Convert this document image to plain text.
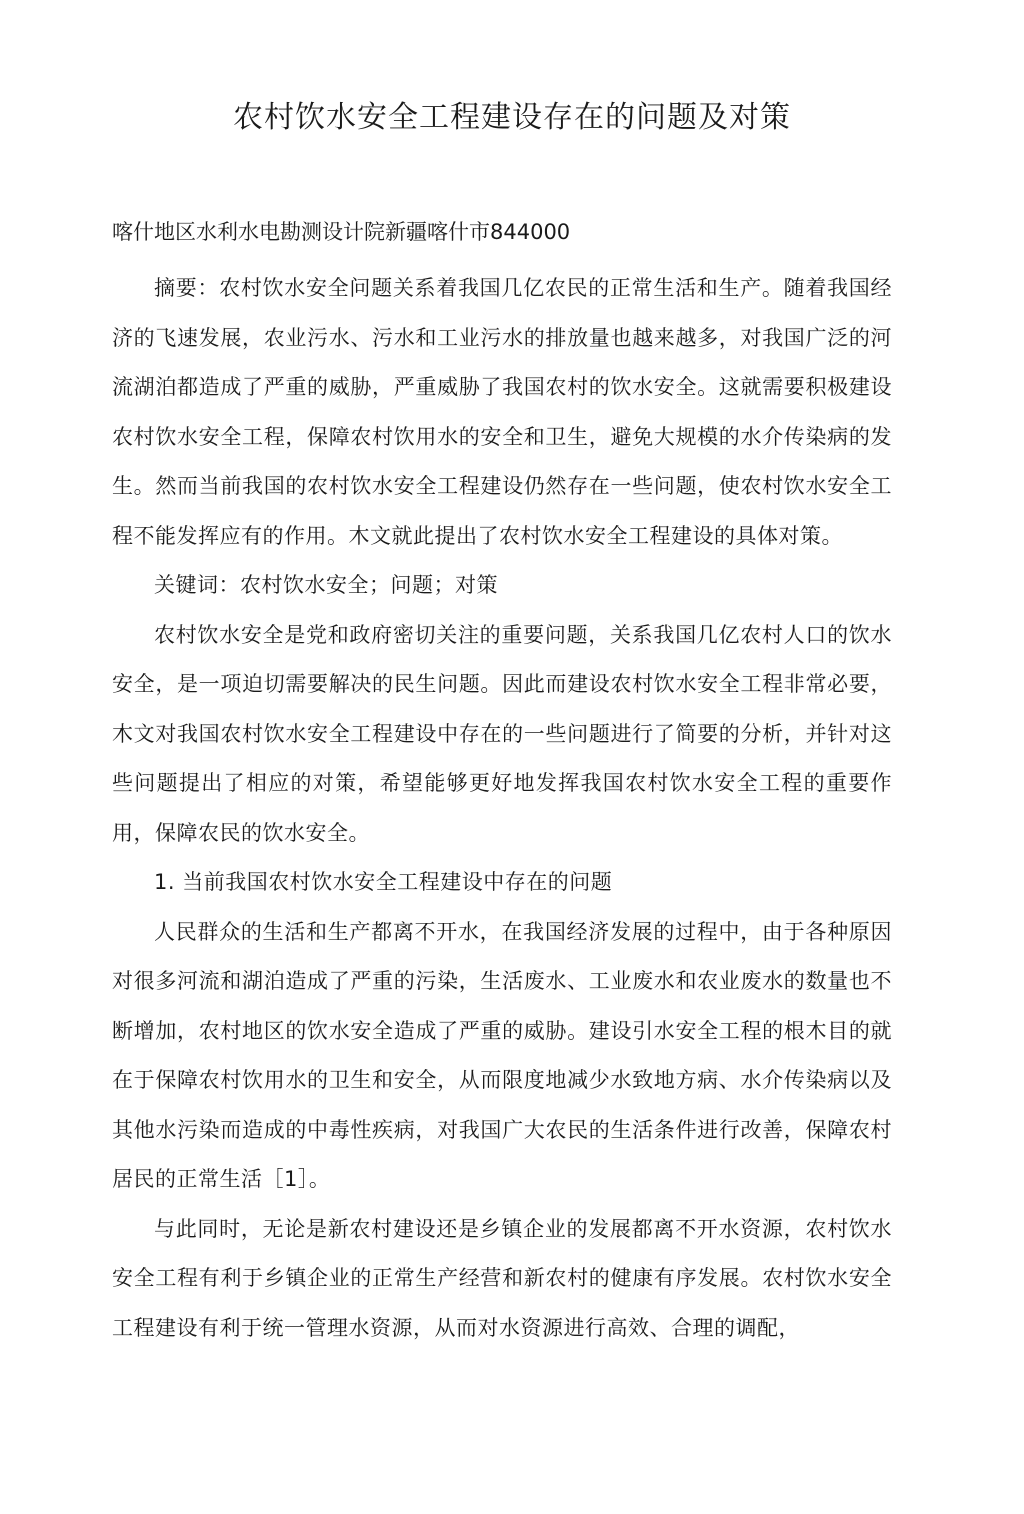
农村饮水安全工程建设存在的问题及对策
喀什地区水利水电勘测设计院新疆喀什市844000

摘要：农村饮水安全问题关系着我国几亿农民的正常生活和生产。随着我国经济的飞速发展，农业污水、污水和工业污水的排放量也越来越多，对我国广泛的河流湖泊都造成了严重的威胁，严重威胁了我国农村的饮水安全。这就需要积极建设农村饮水安全工程，保障农村饮用水的安全和卫生，避免大规模的水介传染病的发生。然而当前我国的农村饮水安全工程建设仍然存在一些问题，使农村饮水安全工程不能发挥应有的作用。木文就此提出了农村饮水安全工程建设的具体对策。

关键词：农村饮水安全；问题；对策

农村饮水安全是党和政府密切关注的重要问题，关系我国几亿农村人口的饮水安全，是一项迫切需要解决的民生问题。因此而建设农村饮水安全工程非常必要，木文对我国农村饮水安全工程建设中存在的一些问题进行了简要的分析，并针对这些问题提出了相应的对策，希望能够更好地发挥我国农村饮水安全工程的重要作用，保障农民的饮水安全。

1. 当前我国农村饮水安全工程建设中存在的问题

人民群众的生活和生产都离不开水，在我国经济发展的过程中，由于各种原因对很多河流和湖泊造成了严重的污染，生活废水、工业废水和农业废水的数量也不断增加，农村地区的饮水安全造成了严重的威胁。建设引水安全工程的根木目的就在于保障农村饮用水的卫生和安全，从而限度地减少水致地方病、水介传染病以及其他水污染而造成的中毒性疾病，对我国广大农民的生活条件进行改善，保障农村居民的正常生活［1］。

与此同时，无论是新农村建设还是乡镇企业的发展都离不开水资源，农村饮水安全工程有利于乡镇企业的正常生产经营和新农村的健康有序发展。农村饮水安全工程建设有利于统一管理水资源，从而对水资源进行高效、合理的调配，
